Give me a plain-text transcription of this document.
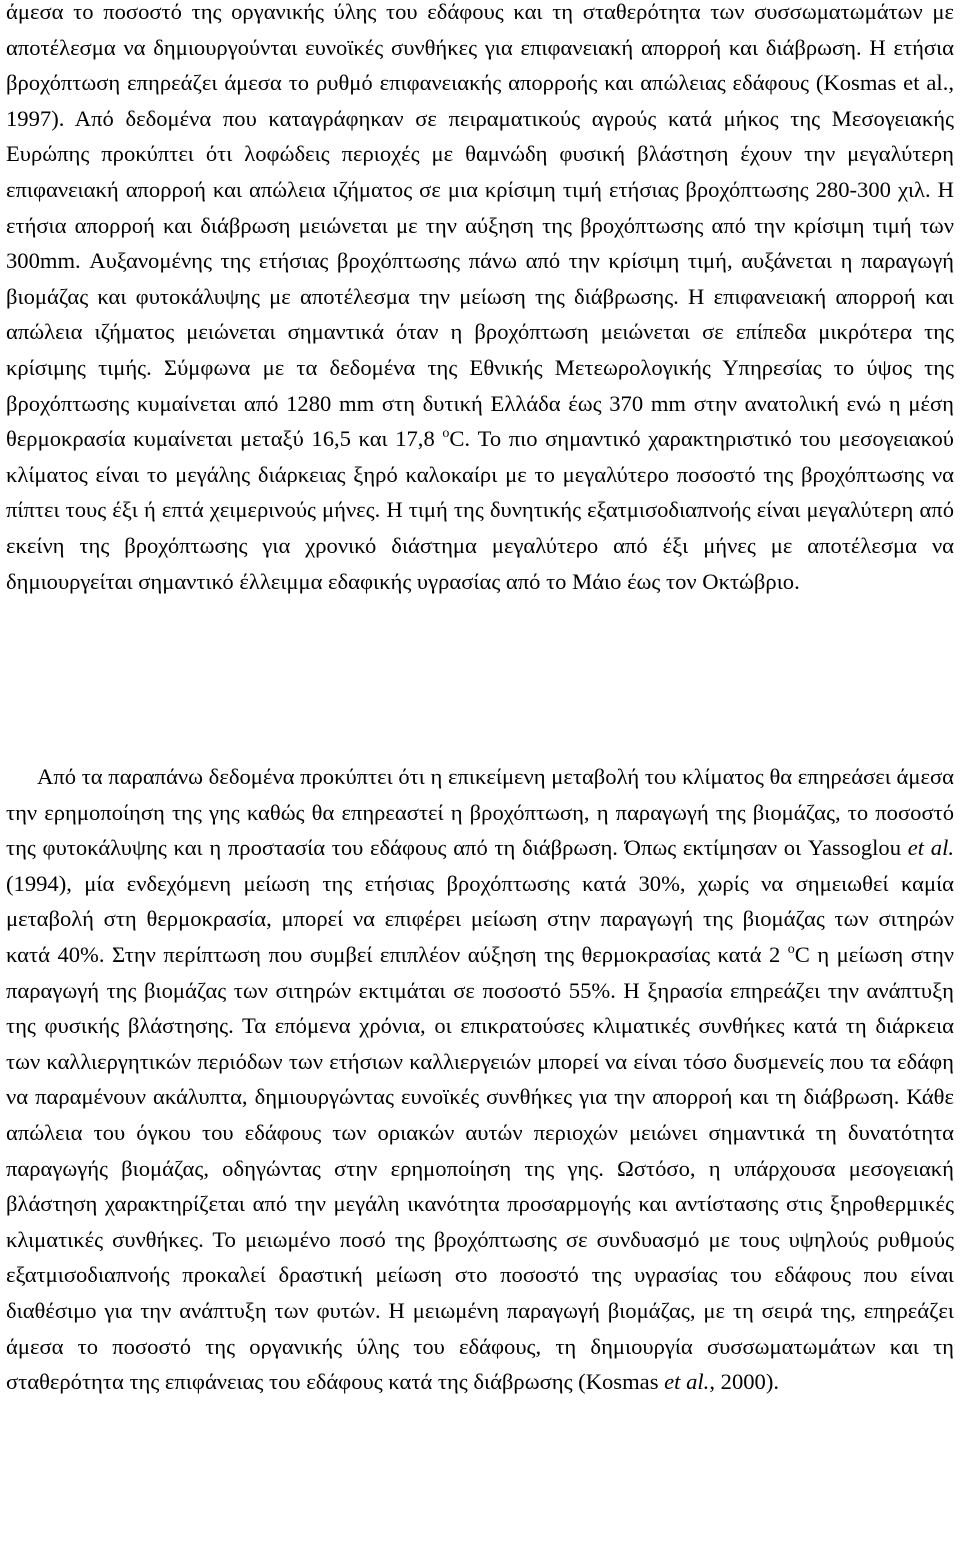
άμεσα το ποσοστό της οργανικής ύλης του εδάφους και τη σταθερότητα των συσσωματωμάτων με αποτέλεσμα να δημιουργούνται ευνοϊκές συνθήκες για επιφανειακή απορροή και διάβρωση. Η ετήσια βροχόπτωση επηρεάζει άμεσα το ρυθμό επιφανειακής απορροής και απώλειας εδάφους (Kosmas et al., 1997). Από δεδομένα που καταγράφηκαν σε πειραματικούς αγρούς κατά μήκος της Μεσογειακής Ευρώπης προκύπτει ότι λοφώδεις περιοχές με θαμνώδη φυσική βλάστηση έχουν την μεγαλύτερη επιφανειακή απορροή και απώλεια ιζήματος σε μια κρίσιμη τιμή ετήσιας βροχόπτωσης 280-300 χιλ. Η ετήσια απορροή και διάβρωση μειώνεται με την αύξηση της βροχόπτωσης από την κρίσιμη τιμή των 300mm. Αυξανομένης της ετήσιας βροχόπτωσης πάνω από την κρίσιμη τιμή, αυξάνεται η παραγωγή βιομάζας και φυτοκάλυψης με αποτέλεσμα την μείωση της διάβρωσης. Η επιφανειακή απορροή και απώλεια ιζήματος μειώνεται σημαντικά όταν η βροχόπτωση μειώνεται σε επίπεδα μικρότερα της κρίσιμης τιμής. Σύμφωνα με τα δεδομένα της Εθνικής Μετεωρολογικής Υπηρεσίας το ύψος της βροχόπτωσης κυμαίνεται από 1280 mm στη δυτική Ελλάδα έως 370 mm στην ανατολική ενώ η μέση θερμοκρασία κυμαίνεται μεταξύ 16,5 και 17,8 $^o$C. Το πιο σημαντικό χαρακτηριστικό του μεσογειακού κλίματος είναι το μεγάλης διάρκειας ξηρό καλοκαίρι με το μεγαλύτερο ποσοστό της βροχόπτωσης να πίπτει τους έξι ή επτά χειμερινούς μήνες. Η τιμή της δυνητικής εξατμισοδιαπνοής είναι μεγαλύτερη από εκείνη της βροχόπτωσης για χρονικό διάστημα μεγαλύτερο από έξι μήνες με αποτέλεσμα να δημιουργείται σημαντικό έλλειμμα εδαφικής υγρασίας από το Μάιο έως τον Οκτώβριο.

Από τα παραπάνω δεδομένα προκύπτει ότι η επικείμενη μεταβολή του κλίματος θα επηρεάσει άμεσα την ερημοποίηση της γης καθώς θα επηρεαστεί η βροχόπτωση, η παραγωγή της βιομάζας, το ποσοστό της φυτοκάλυψης και η προστασία του εδάφους από τη διάβρωση. Όπως εκτίμησαν οι Yassoglou et al. (1994), μία ενδεχόμενη μείωση της ετήσιας βροχόπτωσης κατά 30%, χωρίς να σημειωθεί καμία μεταβολή στη θερμοκρασία, μπορεί να επιφέρει μείωση στην παραγωγή της βιομάζας των σιτηρών κατά 40%. Στην περίπτωση που συμβεί επιπλέον αύξηση της θερμοκρασίας κατά 2 $^o$C η μείωση στην παραγωγή της βιομάζας των σιτηρών εκτιμάται σε ποσοστό 55%. Η ξηρασία επηρεάζει την ανάπτυξη της φυσικής βλάστησης. Τα επόμενα χρόνια, οι επικρατούσες κλιματικές συνθήκες κατά τη διάρκεια των καλλιεργητικών περιόδων των ετήσιων καλλιεργειών μπορεί να είναι τόσο δυσμενείς που τα εδάφη να παραμένουν ακάλυπτα, δημιουργώντας ευνοϊκές συνθήκες για την απορροή και τη διάβρωση. Κάθε απώλεια του όγκου του εδάφους των οριακών αυτών περιοχών μειώνει σημαντικά τη δυνατότητα παραγωγής βιομάζας, οδηγώντας στην ερημοποίηση της γης. Ωστόσο, η υπάρχουσα μεσογειακή βλάστηση χαρακτηρίζεται από την μεγάλη ικανότητα προσαρμογής και αντίστασης στις ξηροθερμικές κλιματικές συνθήκες. Το μειωμένο ποσό της βροχόπτωσης σε συνδυασμό με τους υψηλούς ρυθμούς εξατμισοδιαπνοής προκαλεί δραστική μείωση στο ποσοστό της υγρασίας του εδάφους που είναι διαθέσιμο για την ανάπτυξη των φυτών. Η μειωμένη παραγωγή βιομάζας, με τη σειρά της, επηρεάζει άμεσα το ποσοστό της οργανικής ύλης του εδάφους, τη δημιουργία συσσωματωμάτων και τη σταθερότητα της επιφάνειας του εδάφους κατά της διάβρωσης (Kosmas et al., 2000).
